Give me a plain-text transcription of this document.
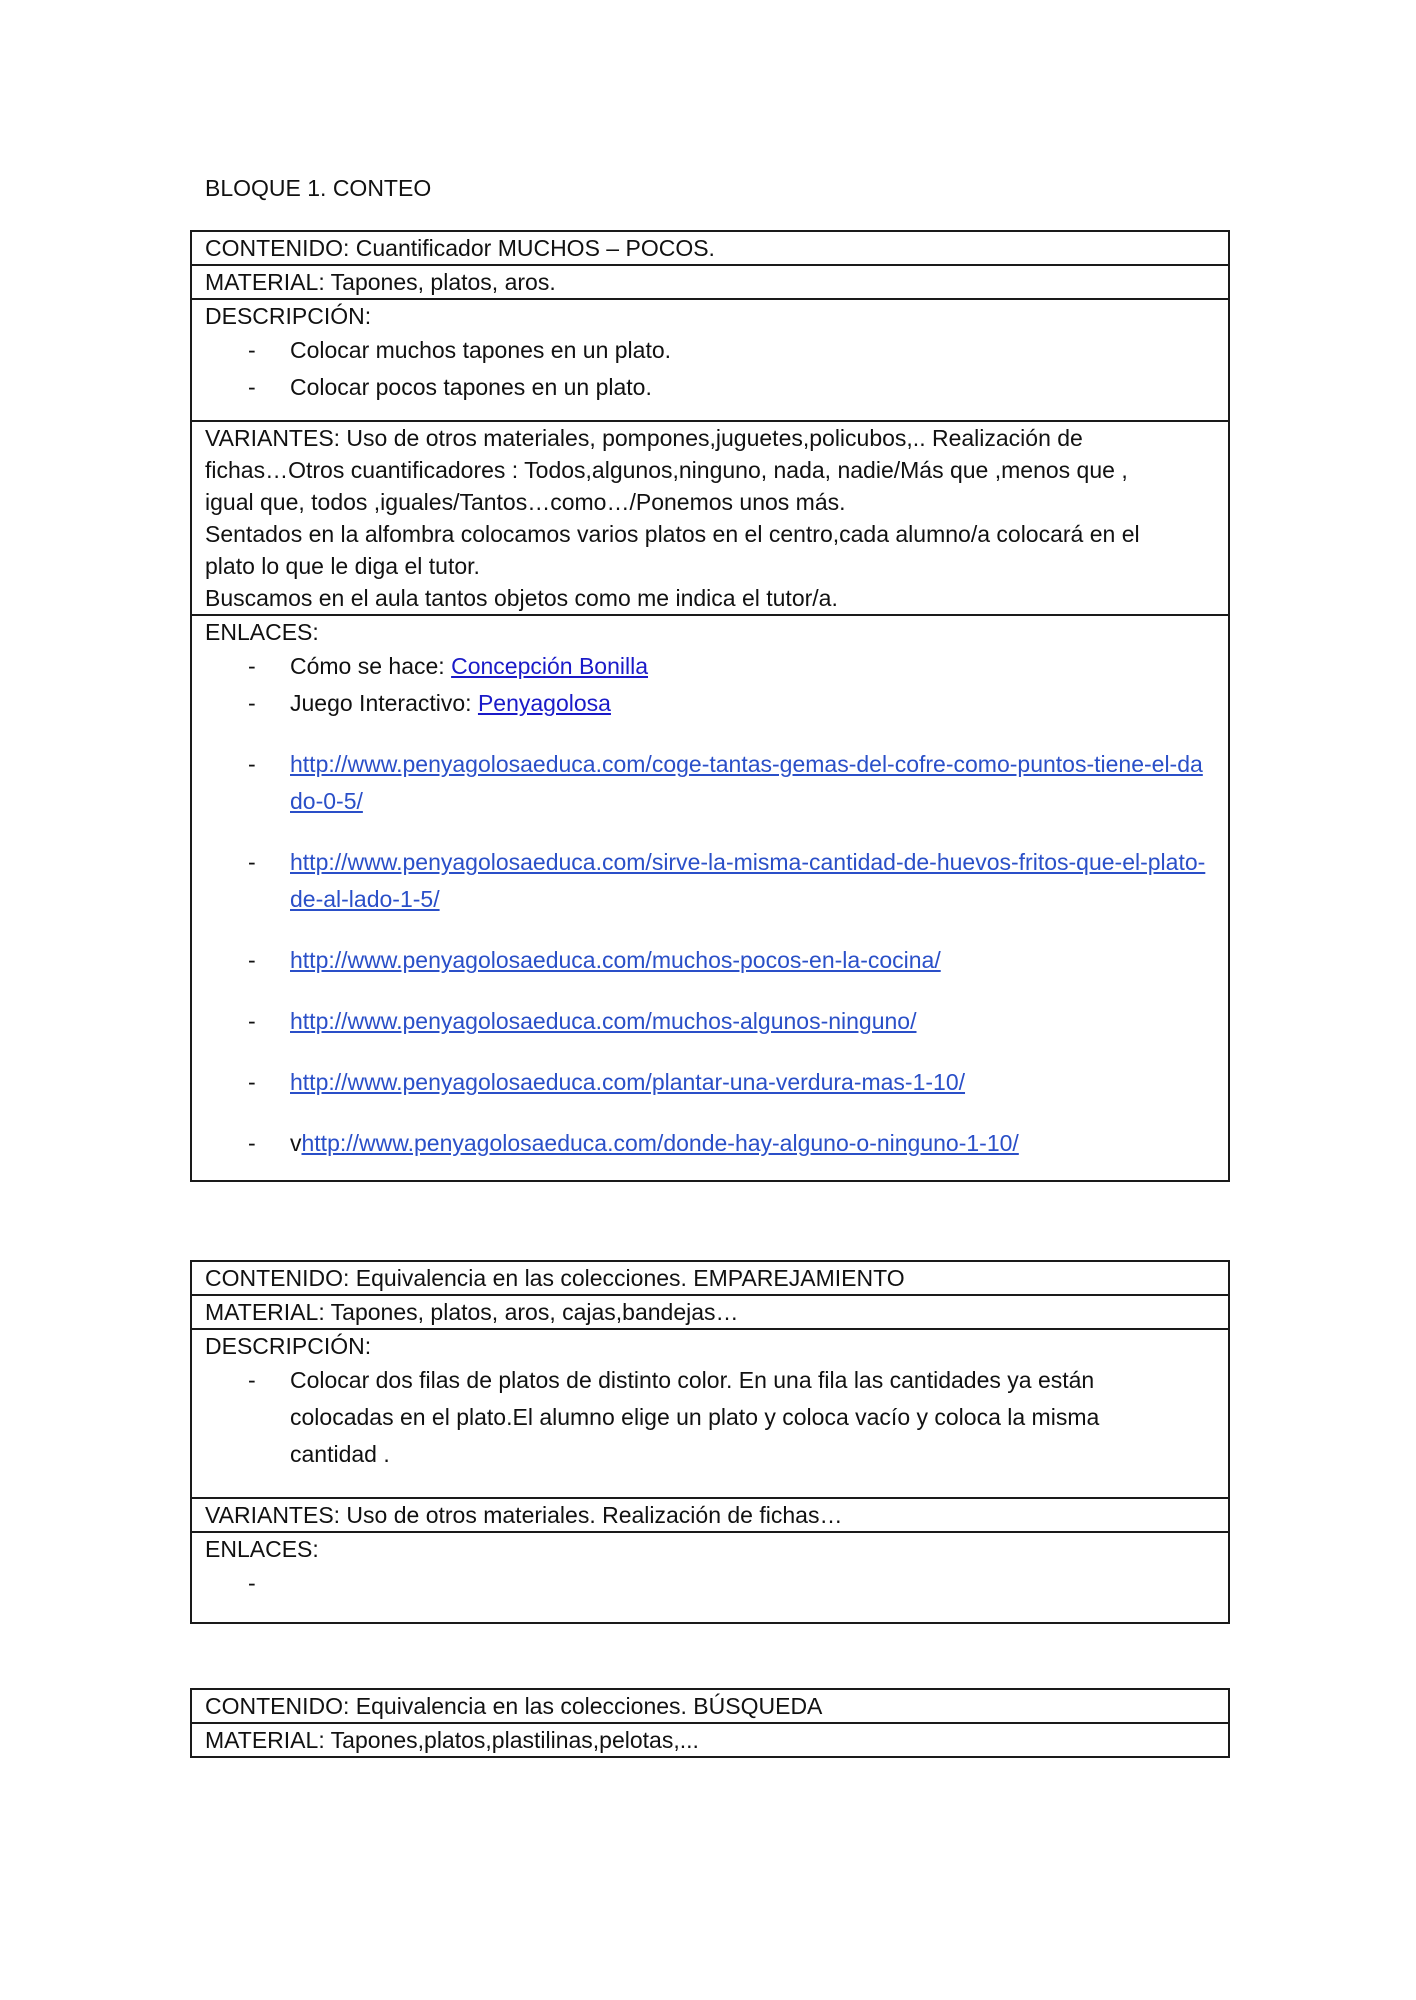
BLOQUE 1. CONTEO
CONTENIDO: Cuantificador MUCHOS – POCOS.
MATERIAL: Tapones, platos, aros.
DESCRIPCIÓN:
- Colocar muchos tapones en un plato.
- Colocar pocos tapones en un plato.
VARIANTES: Uso de otros materiales, pompones,juguetes,policubos,.. Realización de
fichas…Otros cuantificadores : Todos,algunos,ninguno, nada, nadie/Más que ,menos que ,
igual que, todos ,iguales/Tantos…como…/Ponemos unos más.
Sentados en la alfombra colocamos varios platos en el centro,cada alumno/a colocará en el
plato lo que le diga el tutor.
Buscamos en el aula tantos objetos como me indica el tutor/a.
ENLACES:
- Cómo se hace: Concepción Bonilla
- Juego Interactivo: Penyagolosa
- http://www.penyagolosaeduca.com/coge-tantas-gemas-del-cofre-como-puntos-tiene-el-dado-0-5/
- http://www.penyagolosaeduca.com/sirve-la-misma-cantidad-de-huevos-fritos-que-el-plato-de-al-lado-1-5/
- http://www.penyagolosaeduca.com/muchos-pocos-en-la-cocina/
- http://www.penyagolosaeduca.com/muchos-algunos-ninguno/
- http://www.penyagolosaeduca.com/plantar-una-verdura-mas-1-10/
- vhttp://www.penyagolosaeduca.com/donde-hay-alguno-o-ninguno-1-10/
CONTENIDO: Equivalencia en las colecciones. EMPAREJAMIENTO
MATERIAL: Tapones, platos, aros, cajas,bandejas…
DESCRIPCIÓN:
- Colocar dos filas de platos de distinto color. En una fila las cantidades ya están colocadas en el plato.El alumno elige un plato y coloca vacío y coloca la misma cantidad .
VARIANTES: Uso de otros materiales. Realización de fichas…
ENLACES:
-

CONTENIDO: Equivalencia en las colecciones. BÚSQUEDA
MATERIAL: Tapones,platos,plastilinas,pelotas,...
